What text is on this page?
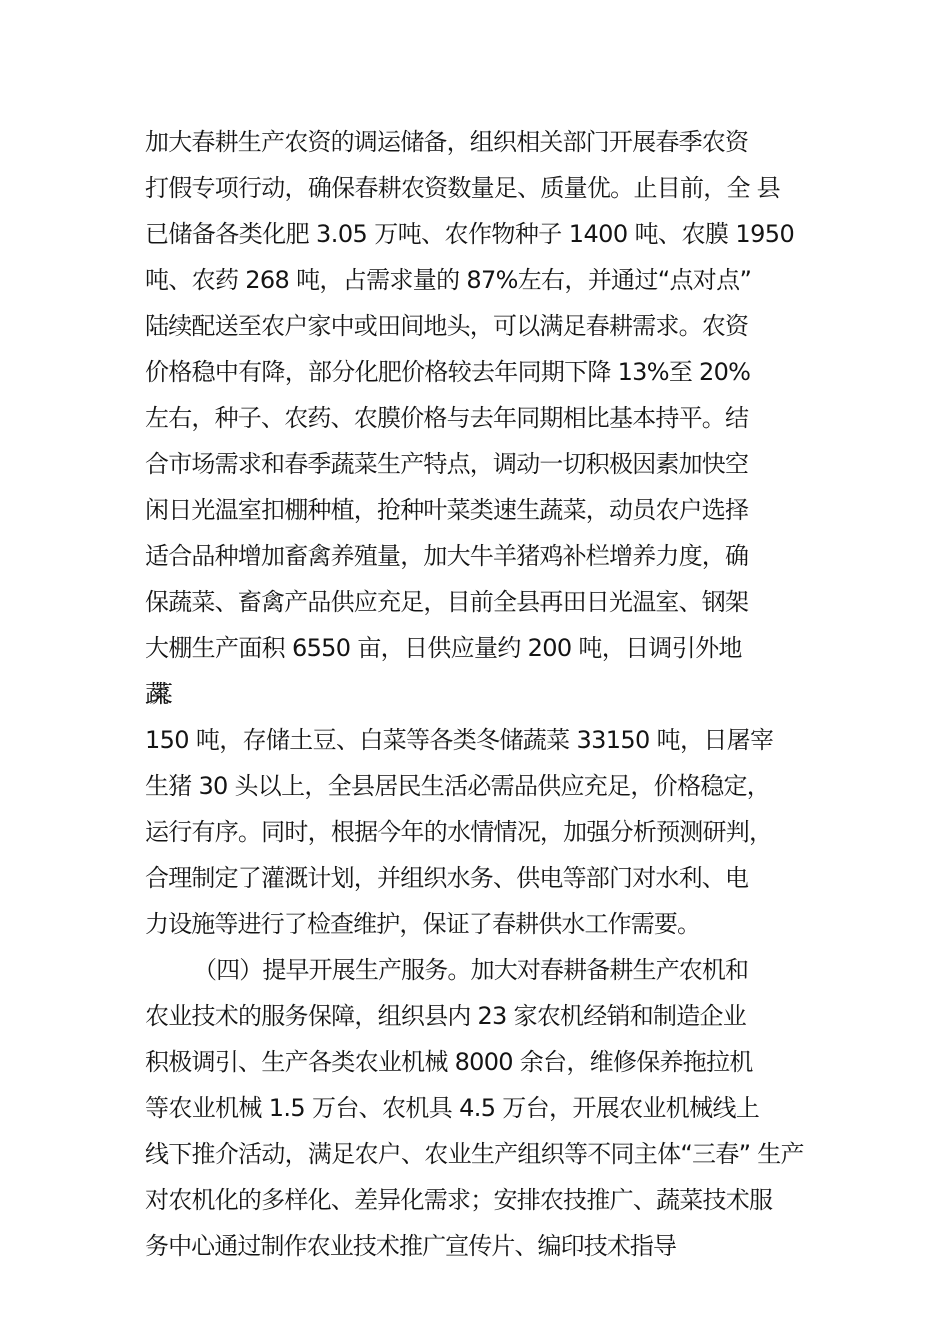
加大春耕生产农资的调运储备，组织相关部门开展春季农资
打假专项行动，确保春耕农资数量足、质量优。止目前，全 县
已储备各类化肥 3.05 万吨、农作物种子 1400 吨、农膜 1950
吨、农药 268 吨，占需求量的 87%左右，并通过“点对点”
陆续配送至农户家中或田间地头，可以满足春耕需求。农资
价格稳中有降，部分化肥价格较去年同期下降 13%至 20%
左右，种子、农药、农膜价格与去年同期相比基本持平。结
合市场需求和春季蔬菜生产特点，调动一切积极因素加快空
闲日光温室扣棚种植，抢种叶菜类速生蔬菜，动员农户选择
适合品种增加畜禽养殖量，加大牛羊猪鸡补栏增养力度，确
保蔬菜、畜禽产品供应充足，目前全县再田日光温室、钢架
大棚生产面积 6550 亩，日供应量约 200 吨，日调引外地
蔬菜
150 吨，存储土豆、白菜等各类冬储蔬菜 33150 吨，日屠宰
生猪 30 头以上，全县居民生活必需品供应充足，价格稳定，
运行有序。同时，根据今年的水情情况，加强分析预测研判，
合理制定了灌溉计划，并组织水务、供电等部门对水利、电
力设施等进行了检查维护，保证了春耕供水工作需要。
（四）提早开展生产服务。加大对春耕备耕生产农机和
农业技术的服务保障，组织县内 23 家农机经销和制造企业
积极调引、生产各类农业机械 8000 余台，维修保养拖拉机
等农业机械 1.5 万台、农机具 4.5 万台，开展农业机械线上
线下推介活动，满足农户、农业生产组织等不同主体“三春” 生产
对农机化的多样化、差异化需求；安排农技推广、蔬菜技术服
务中心通过制作农业技术推广宣传片、编印技术指导
